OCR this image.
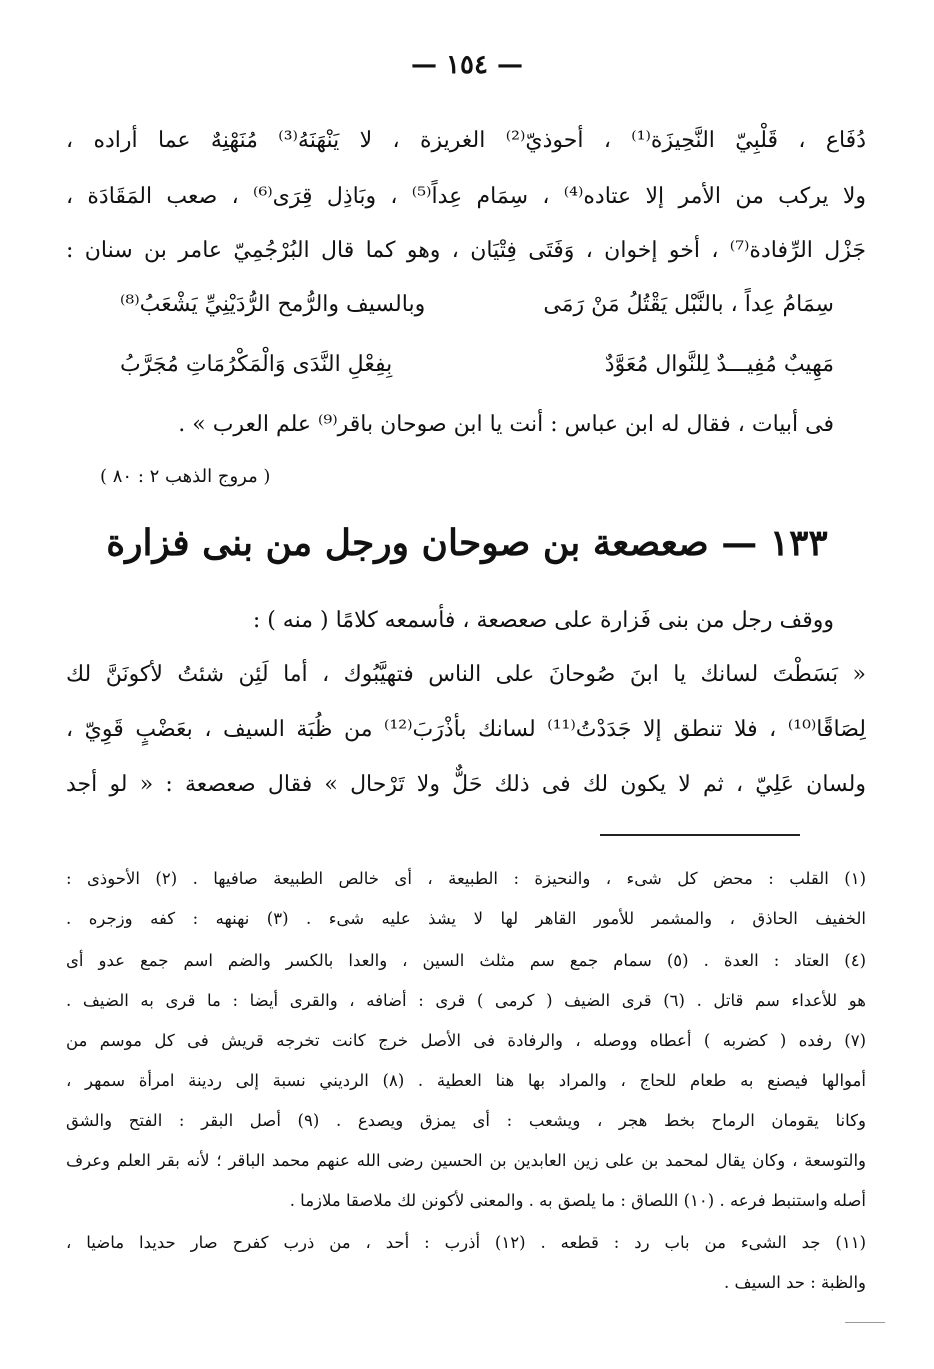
— ١٥٤ —
دُفَاع ، قَلْبِيّ النَّحِيزَة⁽¹⁾ ، أحوذيّ⁽²⁾ الغريزة ، لا يَنْهَنَهُ⁽³⁾ مُنَهْنِهٌ عما أراده ،
ولا يركب من الأمر إلا عتاده⁽⁴⁾ ، سِمَام عِداً⁽⁵⁾ ، وبَاذِل قِرَى⁽⁶⁾ ، صعب المَقَادَة ،
جَزْل الرِّفادة⁽⁷⁾ ، أخو إخوان ، وَفَتَى فِتْيَان ، وهو كما قال البُرْجُمِيّ عامر بن سنان :
سِمَامُ عِداً ، بالنَّبْل يَقْتُلُ مَنْ رَمَى
وبالسيف والرُّمح الرُّدَيْنِيِّ يَشْعَبُ⁽⁸⁾
مَهِيبٌ مُفِيـــدٌ لِلنَّوال مُعَوَّدٌ
بِفِعْلِ النَّدَى وَالْمَكْرُمَاتِ مُجَرَّبُ
فى أبيات ، فقال له ابن عباس : أنت يا ابن صوحان باقر⁽⁹⁾ علم العرب » .
( مروج الذهب ٢ : ٨٠ )
١٣٣ — صعصعة بن صوحان ورجل من بنى فزارة
ووقف رجل من بنى فَزارة على صعصعة ، فأسمعه كلامًا ( منه ) :
« بَسَطْتَ لسانك يا ابنَ صُوحانَ على الناس فتهيَّبُوك ، أما لَئِن شئتُ لأكونَنَّ لك
لِصَاقًا⁽¹⁰⁾ ، فلا تنطق إلا جَدَدْتُ⁽¹¹⁾ لسانك بأذْرَبَ⁽¹²⁾ من ظُبَة السيف ، بعَضْبٍ قَوِيّ ،
ولسان عَلِيّ ، ثم لا يكون لك فى ذلك حَلٌّ ولا تَرْحال » فقال صعصعة : « لو أجد
(١) القلب : محض كل شىء ، والنحيزة : الطبيعة ، أى خالص الطبيعة صافيها . (٢) الأحوذى :
الخفيف الحاذق ، والمشمر للأمور القاهر لها لا يشذ عليه شىء . (٣) نهنهه : كفه وزجره .
(٤) العتاد : العدة . (٥) سمام جمع سم مثلث السين ، والعدا بالكسر والضم اسم جمع عدو أى
هو للأعداء سم قاتل . (٦) قرى الضيف ( كرمى ) قرى : أضافه ، والقرى أيضا : ما قرى به الضيف .
(٧) رفده ( كضربه ) أعطاه ووصله ، والرفادة فى الأصل خرج كانت تخرجه قريش فى كل موسم من
أموالها فيصنع به طعام للحاج ، والمراد بها هنا العطية . (٨) الرديني نسبة إلى ردينة امرأة سمهر ،
وكانا يقومان الرماح بخط هجر ، ويشعب : أى يمزق ويصدع . (٩) أصل البقر : الفتح والشق
والتوسعة ، وكان يقال لمحمد بن على زين العابدين بن الحسين رضى الله عنهم محمد الباقر ؛ لأنه بقر العلم وعرف
أصله واستنبط فرعه . (١٠) اللصاق : ما يلصق به . والمعنى لأكونن لك ملاصقا ملازما .
(١١) جد الشىء من باب رد : قطعه . (١٢) أذرب : أحد ، من ذرب كفرح صار حديدا ماضيا ،
والظبة : حد السيف .
